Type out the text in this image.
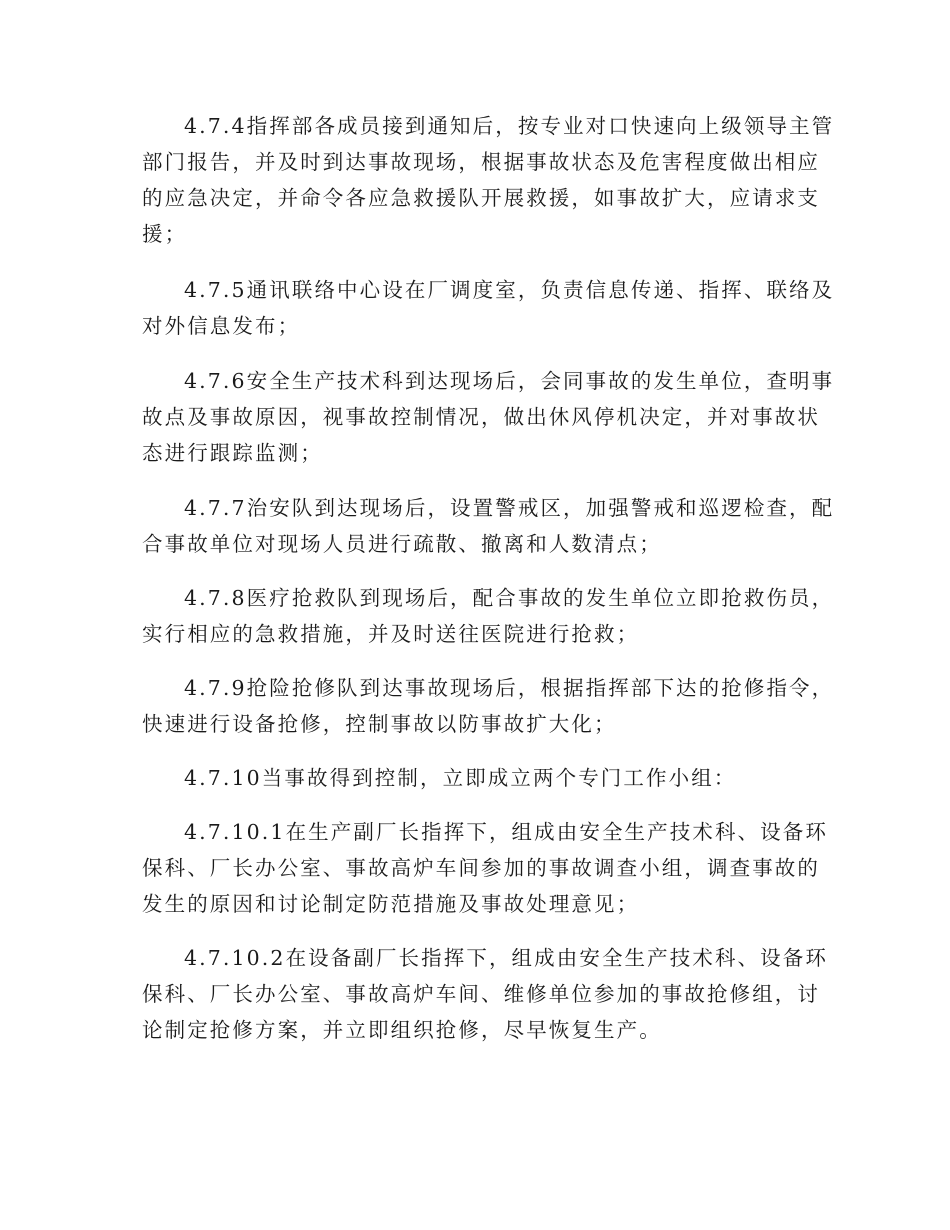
4.7.4指挥部各成员接到通知后，按专业对口快速向上级领导主管
部门报告，并及时到达事故现场，根据事故状态及危害程度做出相应
的应急决定，并命令各应急救援队开展救援，如事故扩大，应请求支
援；

4.7.5通讯联络中心设在厂调度室，负责信息传递、指挥、联络及
对外信息发布；

4.7.6安全生产技术科到达现场后，会同事故的发生单位，查明事
故点及事故原因，视事故控制情况，做出休风停机决定，并对事故状
态进行跟踪监测；

4.7.7治安队到达现场后，设置警戒区，加强警戒和巡逻检查，配
合事故单位对现场人员进行疏散、撤离和人数清点；

4.7.8医疗抢救队到现场后，配合事故的发生单位立即抢救伤员，
实行相应的急救措施，并及时送往医院进行抢救；

4.7.9抢险抢修队到达事故现场后，根据指挥部下达的抢修指令，
快速进行设备抢修，控制事故以防事故扩大化；

4.7.10当事故得到控制，立即成立两个专门工作小组：

4.7.10.1在生产副厂长指挥下，组成由安全生产技术科、设备环
保科、厂长办公室、事故高炉车间参加的事故调查小组，调查事故的
发生的原因和讨论制定防范措施及事故处理意见；

4.7.10.2在设备副厂长指挥下，组成由安全生产技术科、设备环
保科、厂长办公室、事故高炉车间、维修单位参加的事故抢修组，讨
论制定抢修方案，并立即组织抢修，尽早恢复生产。
